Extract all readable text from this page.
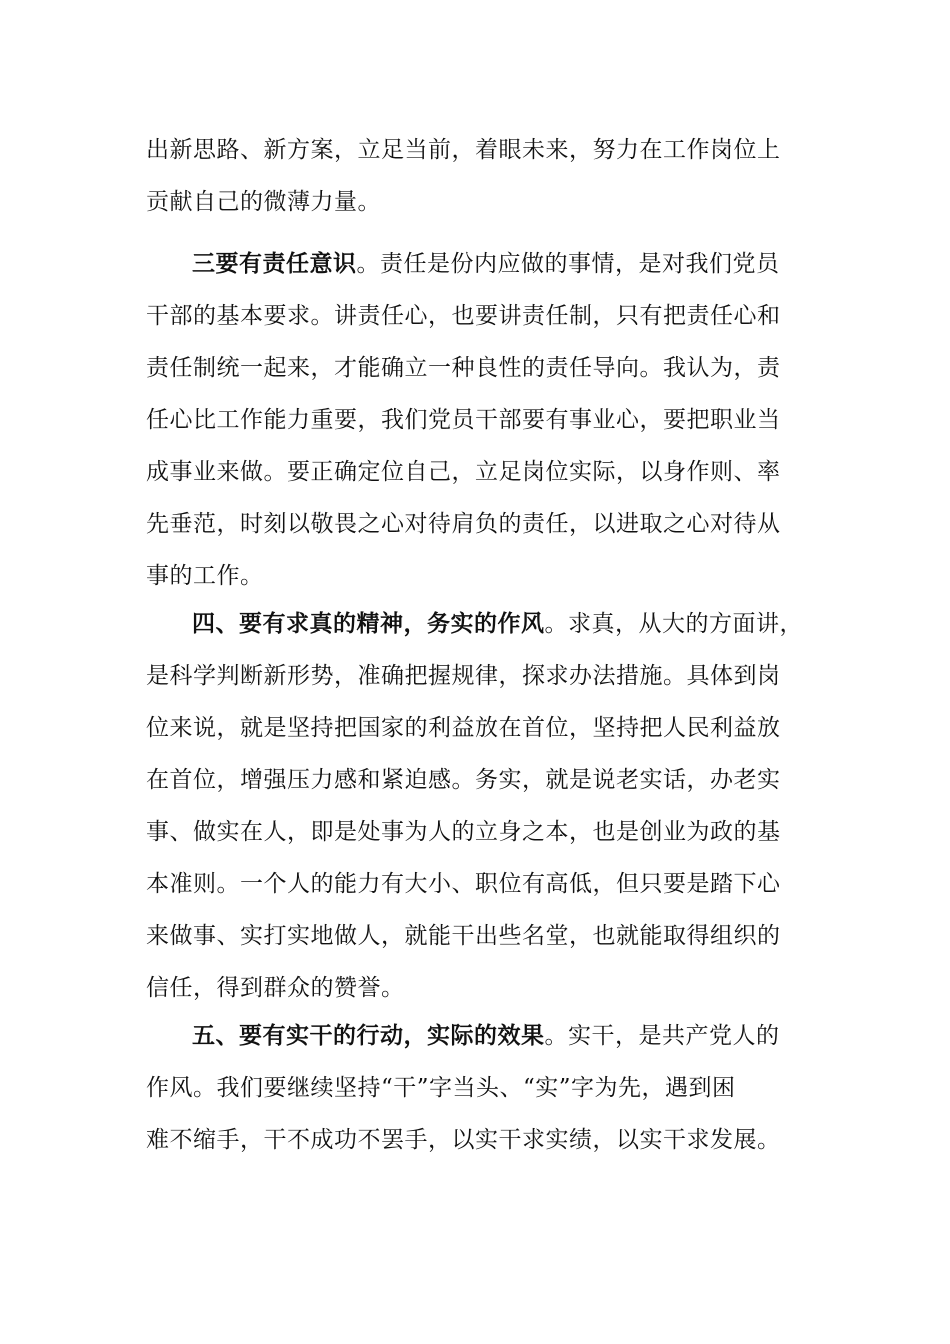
出新思路、新方案，立足当前，着眼未来，努力在工作岗位上
贡献自己的微薄力量。
三要有责任意识。责任是份内应做的事情，是对我们党员
干部的基本要求。讲责任心，也要讲责任制，只有把责任心和
责任制统一起来，才能确立一种良性的责任导向。我认为，责
任心比工作能力重要，我们党员干部要有事业心，要把职业当
成事业来做。要正确定位自己，立足岗位实际，以身作则、率
先垂范，时刻以敬畏之心对待肩负的责任，以进取之心对待从
事的工作。
四、要有求真的精神，务实的作风。求真，从大的方面讲，
是科学判断新形势，准确把握规律，探求办法措施。具体到岗
位来说，就是坚持把国家的利益放在首位，坚持把人民利益放
在首位，增强压力感和紧迫感。务实，就是说老实话，办老实
事、做实在人，即是处事为人的立身之本，也是创业为政的基
本准则。一个人的能力有大小、职位有高低，但只要是踏下心
来做事、实打实地做人，就能干出些名堂，也就能取得组织的
信任，得到群众的赞誉。
五、要有实干的行动，实际的效果。实干，是共产党人的
作风。我们要继续坚持“干”字当头、“实”字为先，遇到困
难不缩手，干不成功不罢手，以实干求实绩，以实干求发展。
